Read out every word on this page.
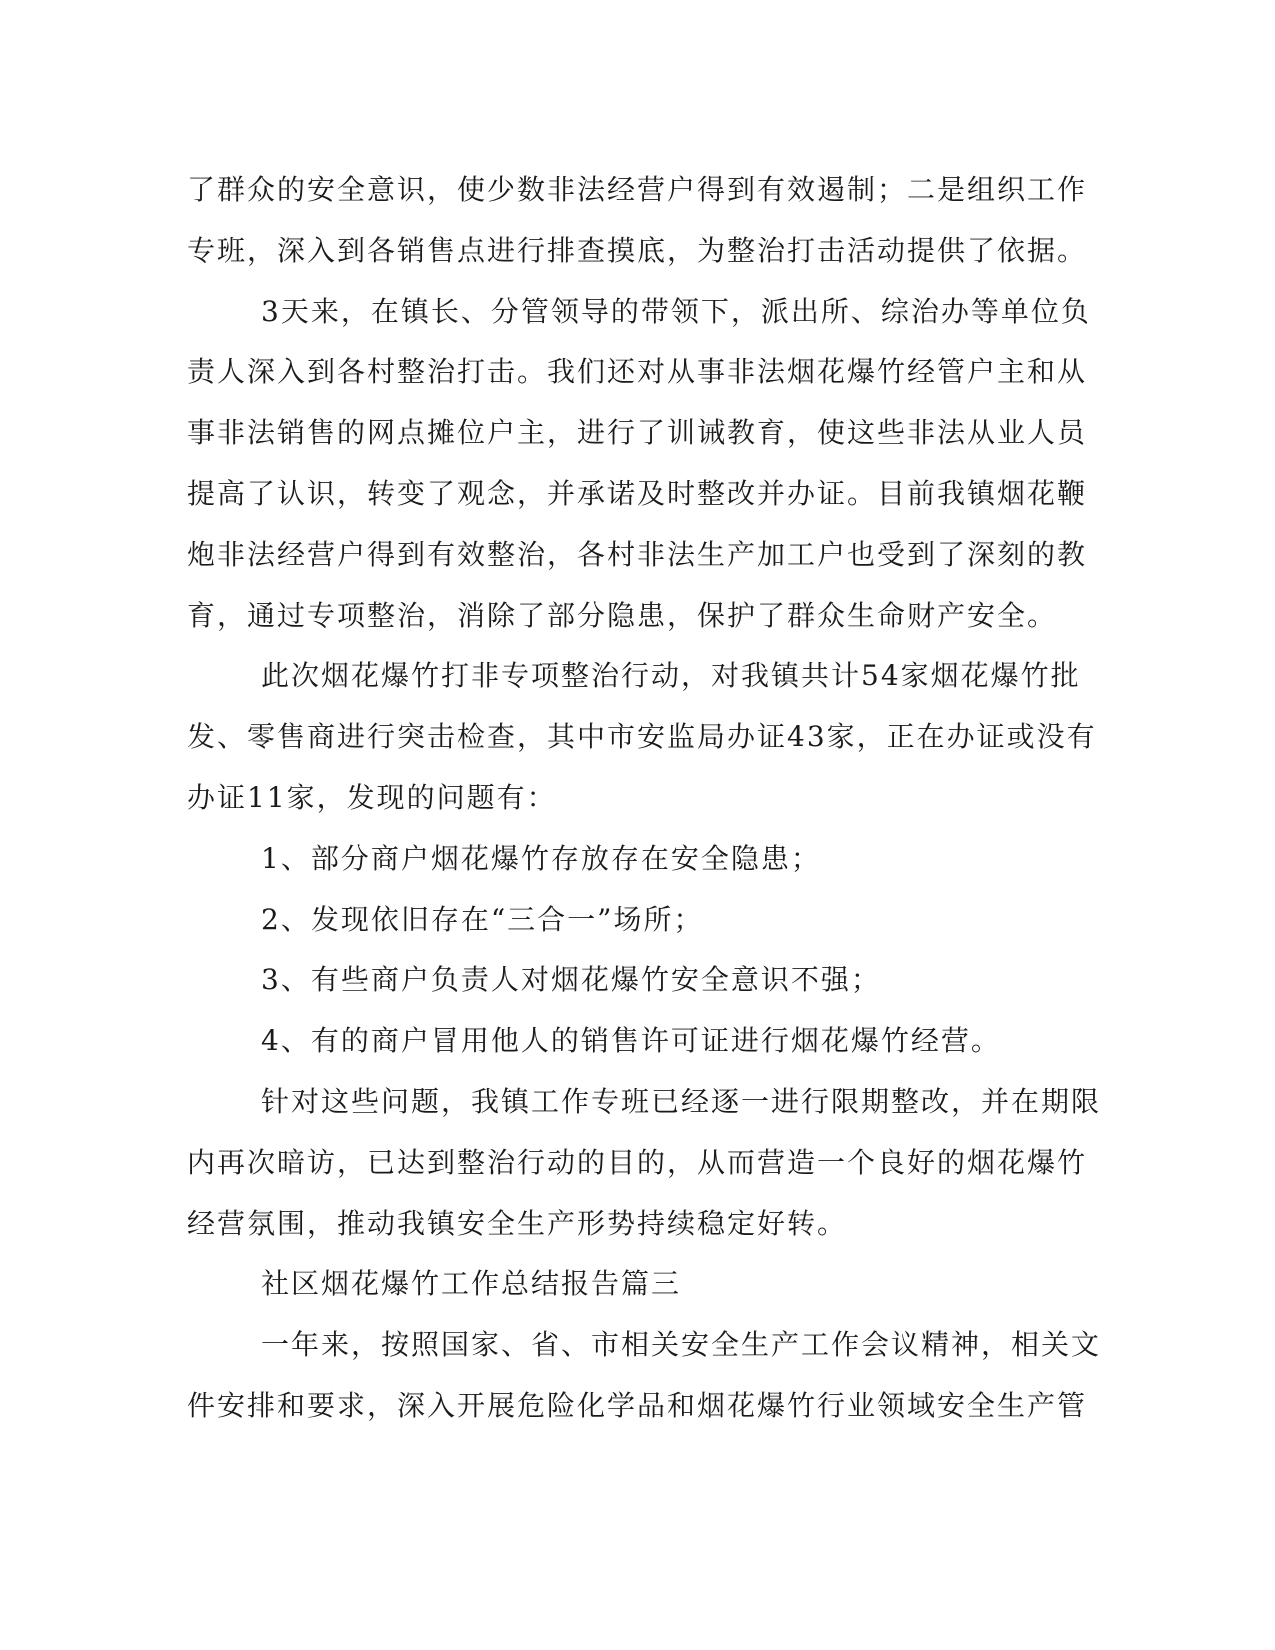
了群众的安全意识，使少数非法经营户得到有效遏制；二是组织工作
专班，深入到各销售点进行排查摸底，为整治打击活动提供了依据。
3天来，在镇长、分管领导的带领下，派出所、综治办等单位负
责人深入到各村整治打击。我们还对从事非法烟花爆竹经管户主和从
事非法销售的网点摊位户主，进行了训诫教育，使这些非法从业人员
提高了认识，转变了观念，并承诺及时整改并办证。目前我镇烟花鞭
炮非法经营户得到有效整治，各村非法生产加工户也受到了深刻的教
育，通过专项整治，消除了部分隐患，保护了群众生命财产安全。
此次烟花爆竹打非专项整治行动，对我镇共计54家烟花爆竹批
发、零售商进行突击检查，其中市安监局办证43家，正在办证或没有
办证11家，发现的问题有：
1、部分商户烟花爆竹存放存在安全隐患；
2、发现依旧存在“三合一”场所；
3、有些商户负责人对烟花爆竹安全意识不强；
4、有的商户冒用他人的销售许可证进行烟花爆竹经营。
针对这些问题，我镇工作专班已经逐一进行限期整改，并在期限
内再次暗访，已达到整治行动的目的，从而营造一个良好的烟花爆竹
经营氛围，推动我镇安全生产形势持续稳定好转。
社区烟花爆竹工作总结报告篇三
一年来，按照国家、省、市相关安全生产工作会议精神，相关文
件安排和要求，深入开展危险化学品和烟花爆竹行业领域安全生产管
